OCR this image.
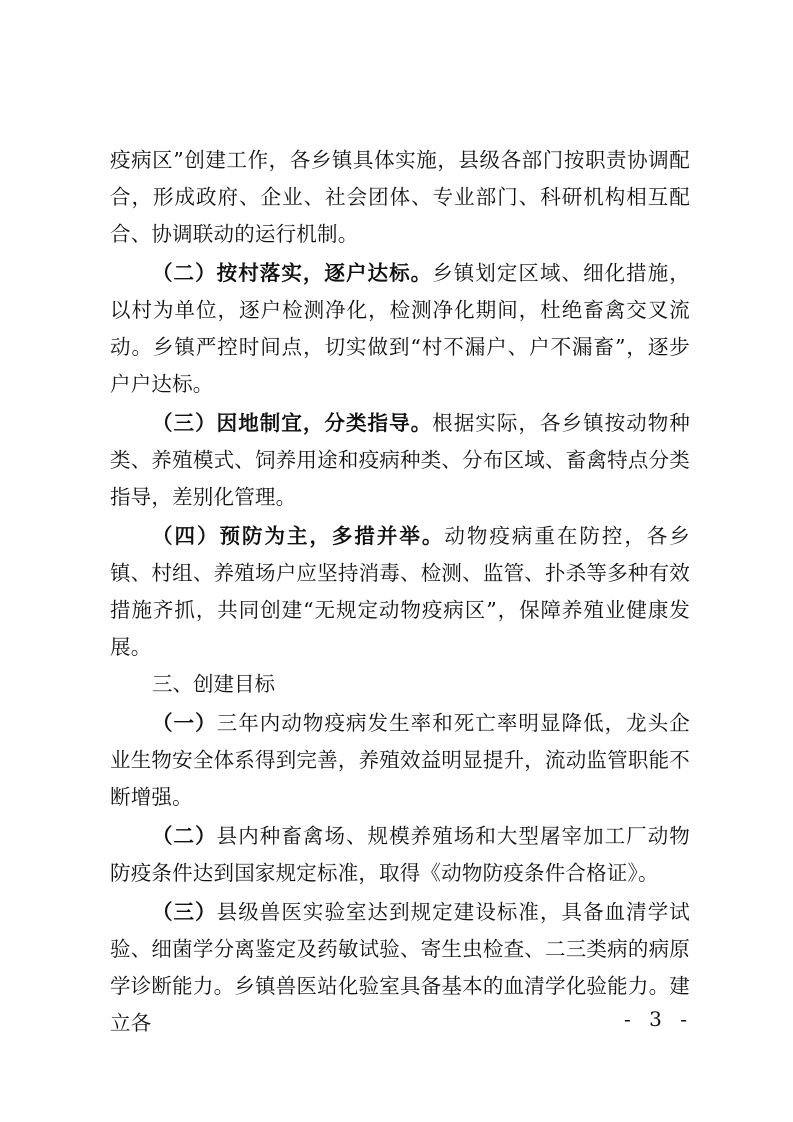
疫病区”创建工作，各乡镇具体实施，县级各部门按职责协调配合，形成政府、企业、社会团体、专业部门、科研机构相互配合、协调联动的运行机制。

（二）按村落实，逐户达标。乡镇划定区域、细化措施，以村为单位，逐户检测净化，检测净化期间，杜绝畜禽交叉流动。乡镇严控时间点，切实做到“村不漏户、户不漏畜”，逐步户户达标。

（三）因地制宜，分类指导。根据实际，各乡镇按动物种类、养殖模式、饲养用途和疫病种类、分布区域、畜禽特点分类指导，差别化管理。

（四）预防为主，多措并举。动物疫病重在防控，各乡镇、村组、养殖场户应坚持消毒、检测、监管、扑杀等多种有效措施齐抓，共同创建“无规定动物疫病区”，保障养殖业健康发展。

三、创建目标

（一）三年内动物疫病发生率和死亡率明显降低，龙头企业生物安全体系得到完善，养殖效益明显提升，流动监管职能不断增强。

（二）县内种畜禽场、规模养殖场和大型屠宰加工厂动物防疫条件达到国家规定标准，取得《动物防疫条件合格证》。

（三）县级兽医实验室达到规定建设标准，具备血清学试验、细菌学分离鉴定及药敏试验、寄生虫检查、二三类病的病原学诊断能力。乡镇兽医站化验室具备基本的血清学化验能力。建立各	- 3 -
